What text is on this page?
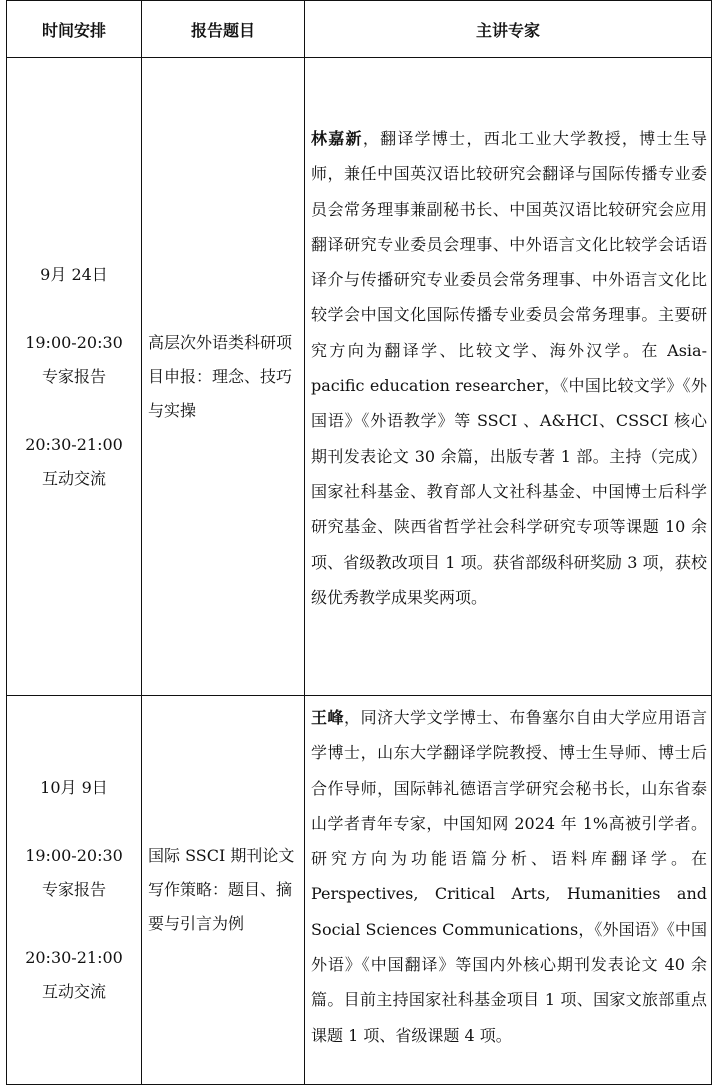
时间安排	报告题目	主讲专家
9月 24日
19:00-20:30
专家报告
20:30-21:00
互动交流
高层次外语类科研项目申报：理念、技巧与实操
林嘉新，翻译学博士，西北工业大学教授，博士生导师，兼任中国英汉语比较研究会翻译与国际传播专业委员会常务理事兼副秘书长、中国英汉语比较研究会应用翻译研究专业委员会理事、中外语言文化比较学会话语译介与传播研究专业委员会常务理事、中外语言文化比较学会中国文化国际传播专业委员会常务理事。主要研究方向为翻译学、比较文学、海外汉学。在 Asia-pacific education researcher，《中国比较文学》《外国语》《外语教学》等 SSCI 、A&HCI、CSSCI 核心期刊发表论文 30 余篇，出版专著 1 部。主持（完成）国家社科基金、教育部人文社科基金、中国博士后科学研究基金、陕西省哲学社会科学研究专项等课题 10 余项、省级教改项目 1 项。获省部级科研奖励 3 项，获校级优秀教学成果奖两项。
10月 9日
19:00-20:30
专家报告
20:30-21:00
互动交流
国际 SSCI 期刊论文写作策略：题目、摘要与引言为例
王峰，同济大学文学博士、布鲁塞尔自由大学应用语言学博士，山东大学翻译学院教授、博士生导师、博士后合作导师，国际韩礼德语言学研究会秘书长，山东省泰山学者青年专家，中国知网 2024 年 1%高被引学者。研究方向为功能语篇分析、语料库翻译学。在 Perspectives, Critical Arts, Humanities and Social Sciences Communications，《外国语》《中国外语》《中国翻译》等国内外核心期刊发表论文 40 余篇。目前主持国家社科基金项目 1 项、国家文旅部重点课题 1 项、省级课题 4 项。
